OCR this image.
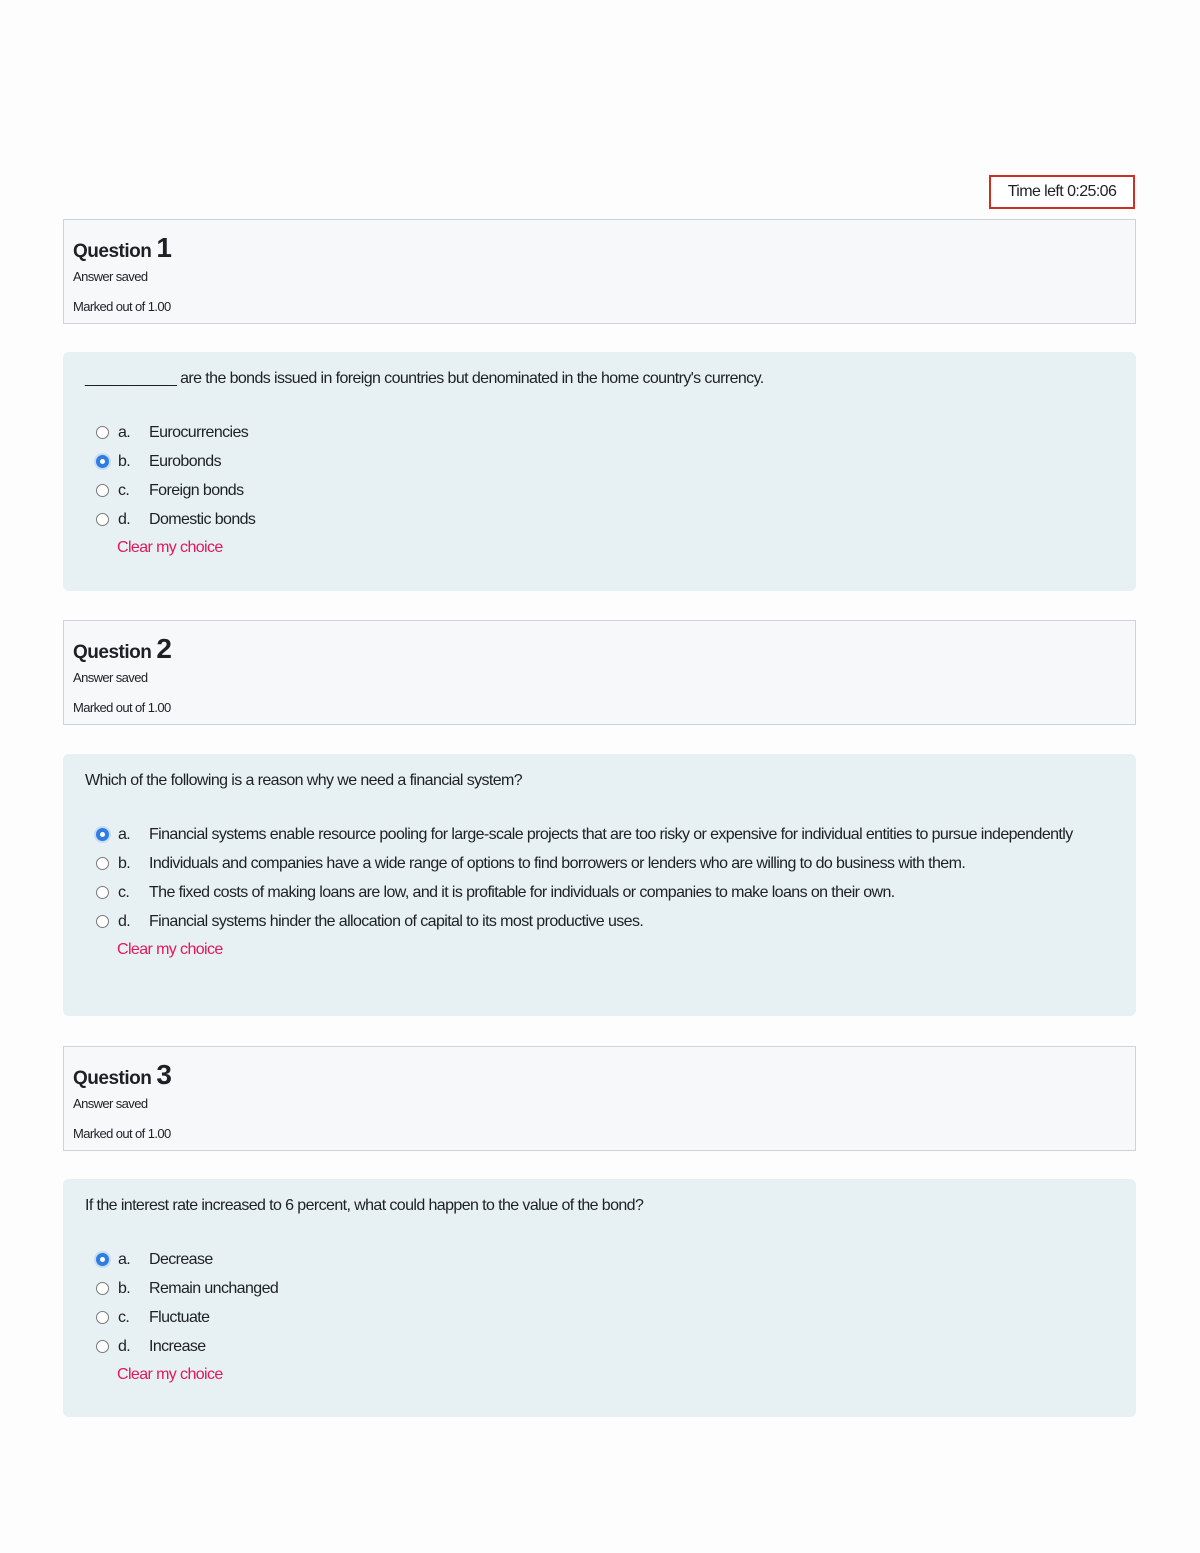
Time left 0:25:06
Question 1
Answer saved
Marked out of 1.00
___________ are the bonds issued in foreign countries but denominated in the home country's currency.
a.	Eurocurrencies
b.	Eurobonds
c.	Foreign bonds
d.	Domestic bonds
Clear my choice
Question 2
Answer saved
Marked out of 1.00
Which of the following is a reason why we need a financial system?
a.	Financial systems enable resource pooling for large-scale projects that are too risky or expensive for individual entities to pursue independently
b.	Individuals and companies have a wide range of options to find borrowers or lenders who are willing to do business with them.
c.	The fixed costs of making loans are low, and it is profitable for individuals or companies to make loans on their own.
d.	Financial systems hinder the allocation of capital to its most productive uses.
Clear my choice
Question 3
Answer saved
Marked out of 1.00
If the interest rate increased to 6 percent, what could happen to the value of the bond?
a.	Decrease
b.	Remain unchanged
c.	Fluctuate
d.	Increase
Clear my choice
